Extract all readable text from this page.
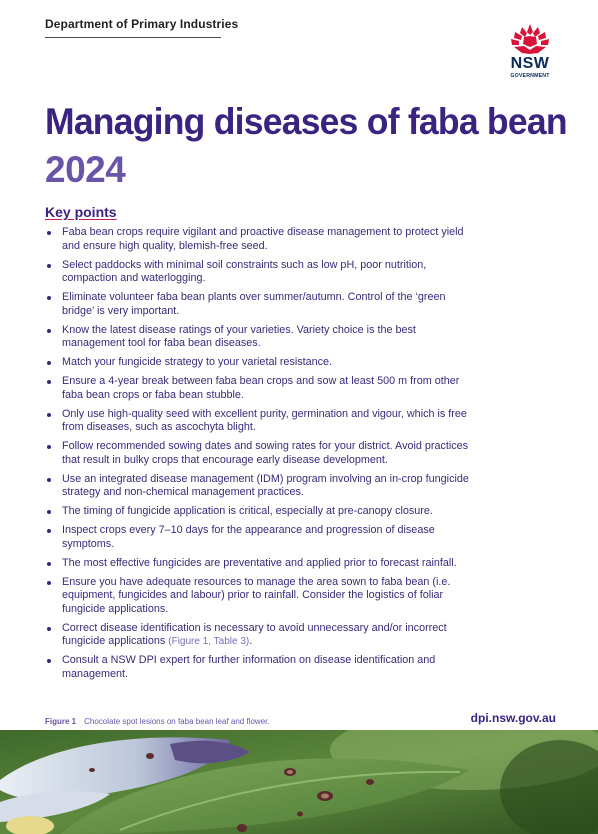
Department of Primary Industries
NSW
GOVERNMENT
Managing diseases of faba bean
2024
Key points
Faba bean crops require vigilant and proactive disease management to protect yield and ensure high quality, blemish-free seed.
Select paddocks with minimal soil constraints such as low pH, poor nutrition, compaction and waterlogging.
Eliminate volunteer faba bean plants over summer/autumn. Control of the ‘green bridge’ is very important.
Know the latest disease ratings of your varieties. Variety choice is the best management tool for faba bean diseases.
Match your fungicide strategy to your varietal resistance.
Ensure a 4-year break between faba bean crops and sow at least 500 m from other faba bean crops or faba bean stubble.
Only use high-quality seed with excellent purity, germination and vigour, which is free from diseases, such as ascochyta blight.
Follow recommended sowing dates and sowing rates for your district. Avoid practices that result in bulky crops that encourage early disease development.
Use an integrated disease management (IDM) program involving an in-crop fungicide strategy and non-chemical management practices.
The timing of fungicide application is critical, especially at pre-canopy closure.
Inspect crops every 7–10 days for the appearance and progression of disease symptoms.
The most effective fungicides are preventative and applied prior to forecast rainfall.
Ensure you have adequate resources to manage the area sown to faba bean (i.e. equipment, fungicides and labour) prior to rainfall. Consider the logistics of foliar fungicide applications.
Correct disease identification is necessary to avoid unnecessary and/or incorrect fungicide applications (Figure 1, Table 3).
Consult a NSW DPI expert for further information on disease identification and management.
Figure 1 Chocolate spot lesions on faba bean leaf and flower.	dpi.nsw.gov.au
